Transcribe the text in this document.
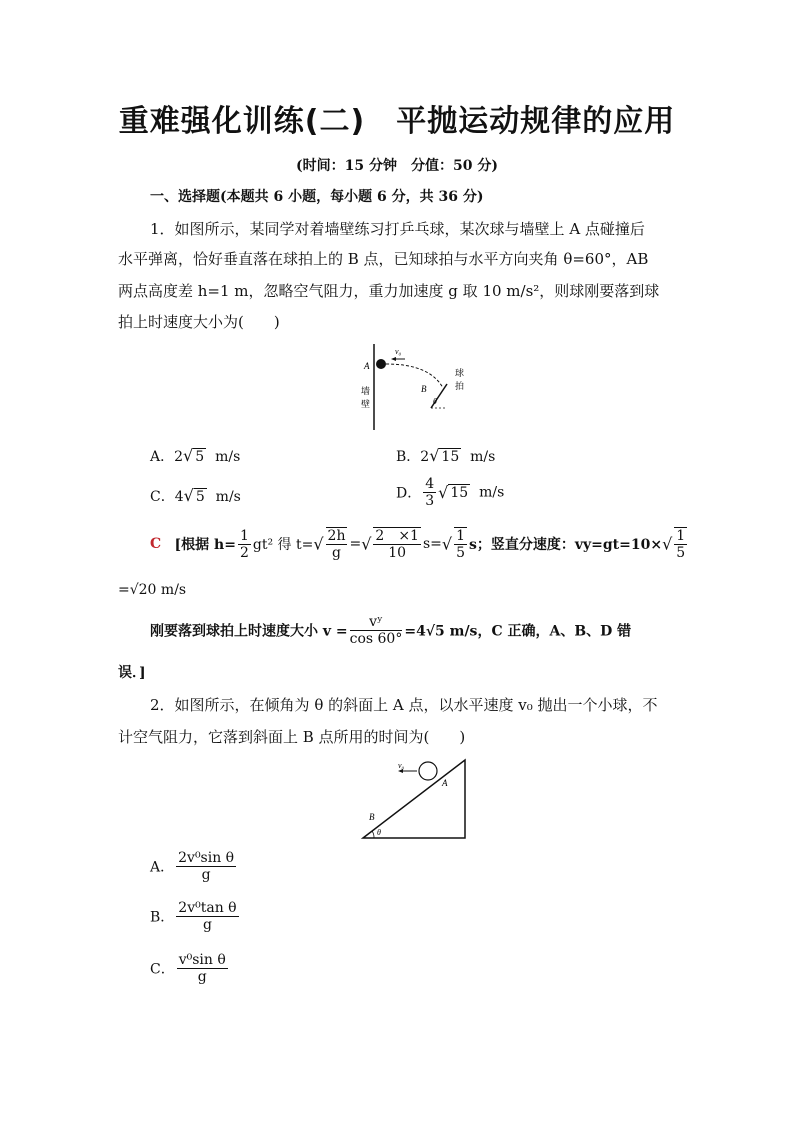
重难强化训练(二)　平抛运动规律的应用
(时间：15 分钟　分值：50 分)
一、选择题(本题共 6 小题，每小题 6 分，共 36 分)
1．如图所示，某同学对着墙壁练习打乒乓球，某次球与墙壁上 A 点碰撞后
水平弹离，恰好垂直落在球拍上的 B 点，已知球拍与水平方向夹角 θ=60°，AB
两点高度差 h=1 m，忽略空气阻力，重力加速度 g 取 10 m/s²，则球刚要落到球
拍上时速度大小为(　　)
A
v₀
B
θ
球
拍
墙
壁
A．2√ 5 m/s	B．2√ 15 m/s
C．4√ 5 m/s	D． $\frac{4}{3}$ √ 15 m/s
C [根据 $h= \frac{1}{2} gt^2$ 得 $t=√ \frac{2h}{g}$ =√ $\frac{2 \times 1}{10} s=√ \frac{1}{5}$ s；竖直分速度：$vy=gt=10\times√ \frac{1}{5}$
=√20 m/s
刚要落到球拍上时速度大小 $v = \frac{\text{vʸ}}{\cos 60^\circ} =4√5$ m/s，C 正确，A、B、D 错
误．]
2．如图所示，在倾角为 θ 的斜面上 A 点，以水平速度 v₀ 抛出一个小球，不
计空气阻力，它落到斜面上 B 点所用的时间为(　　)
v₀
A
B
θ
A． $\frac{\text{2v⁰sin θ}}{g}$
B． $\frac{\text{2v⁰tan θ}}{g}$
C． $\frac{\text{v⁰sin θ}}{g}$
